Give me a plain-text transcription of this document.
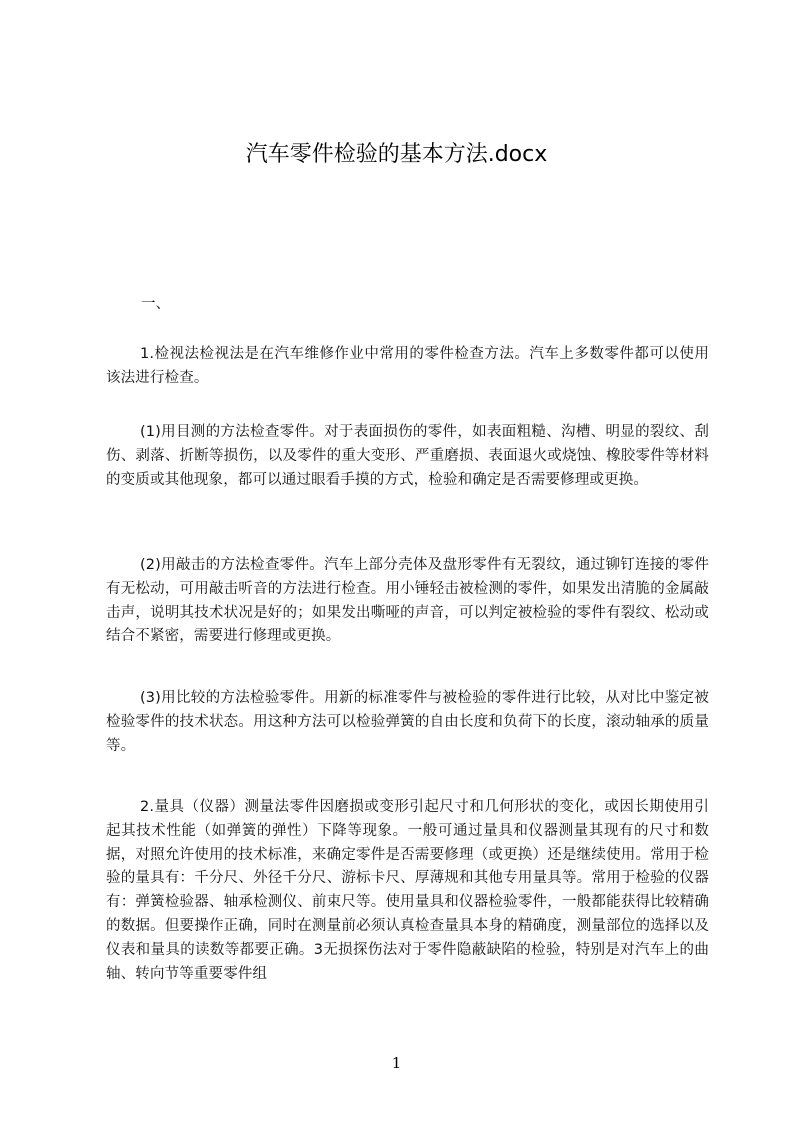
汽车零件检验的基本方法.docx

一、

1.检视法检视法是在汽车维修作业中常用的零件检查方法。汽车上多数零件都可以使用该法进行检查。

(1)用目测的方法检查零件。对于表面损伤的零件，如表面粗糙、沟槽、明显的裂纹、刮伤、剥落、折断等损伤，以及零件的重大变形、严重磨损、表面退火或烧蚀、橡胶零件等材料的变质或其他现象，都可以通过眼看手摸的方式，检验和确定是否需要修理或更换。

(2)用敲击的方法检查零件。汽车上部分壳体及盘形零件有无裂纹，通过铆钉连接的零件有无松动，可用敲击听音的方法进行检查。用小锤轻击被检测的零件，如果发出清脆的金属敲击声，说明其技术状况是好的；如果发出嘶哑的声音，可以判定被检验的零件有裂纹、松动或结合不紧密，需要进行修理或更换。

(3)用比较的方法检验零件。用新的标准零件与被检验的零件进行比较，从对比中鉴定被检验零件的技术状态。用这种方法可以检验弹簧的自由长度和负荷下的长度，滚动轴承的质量等。

2.量具（仪器）测量法零件因磨损或变形引起尺寸和几何形状的变化，或因长期使用引起其技术性能（如弹簧的弹性）下降等现象。一般可通过量具和仪器测量其现有的尺寸和数据，对照允许使用的技术标准，来确定零件是否需要修理（或更换）还是继续使用。常用于检验的量具有：千分尺、外径千分尺、游标卡尺、厚薄规和其他专用量具等。常用于检验的仪器有：弹簧检验器、轴承检测仪、前束尺等。使用量具和仪器检验零件，一般都能获得比较精确的数据。但要操作正确，同时在测量前必须认真检查量具本身的精确度，测量部位的选择以及仪表和量具的读数等都要正确。3无损探伤法对于零件隐蔽缺陷的检验，特别是对汽车上的曲轴、转向节等重要零件组

1
